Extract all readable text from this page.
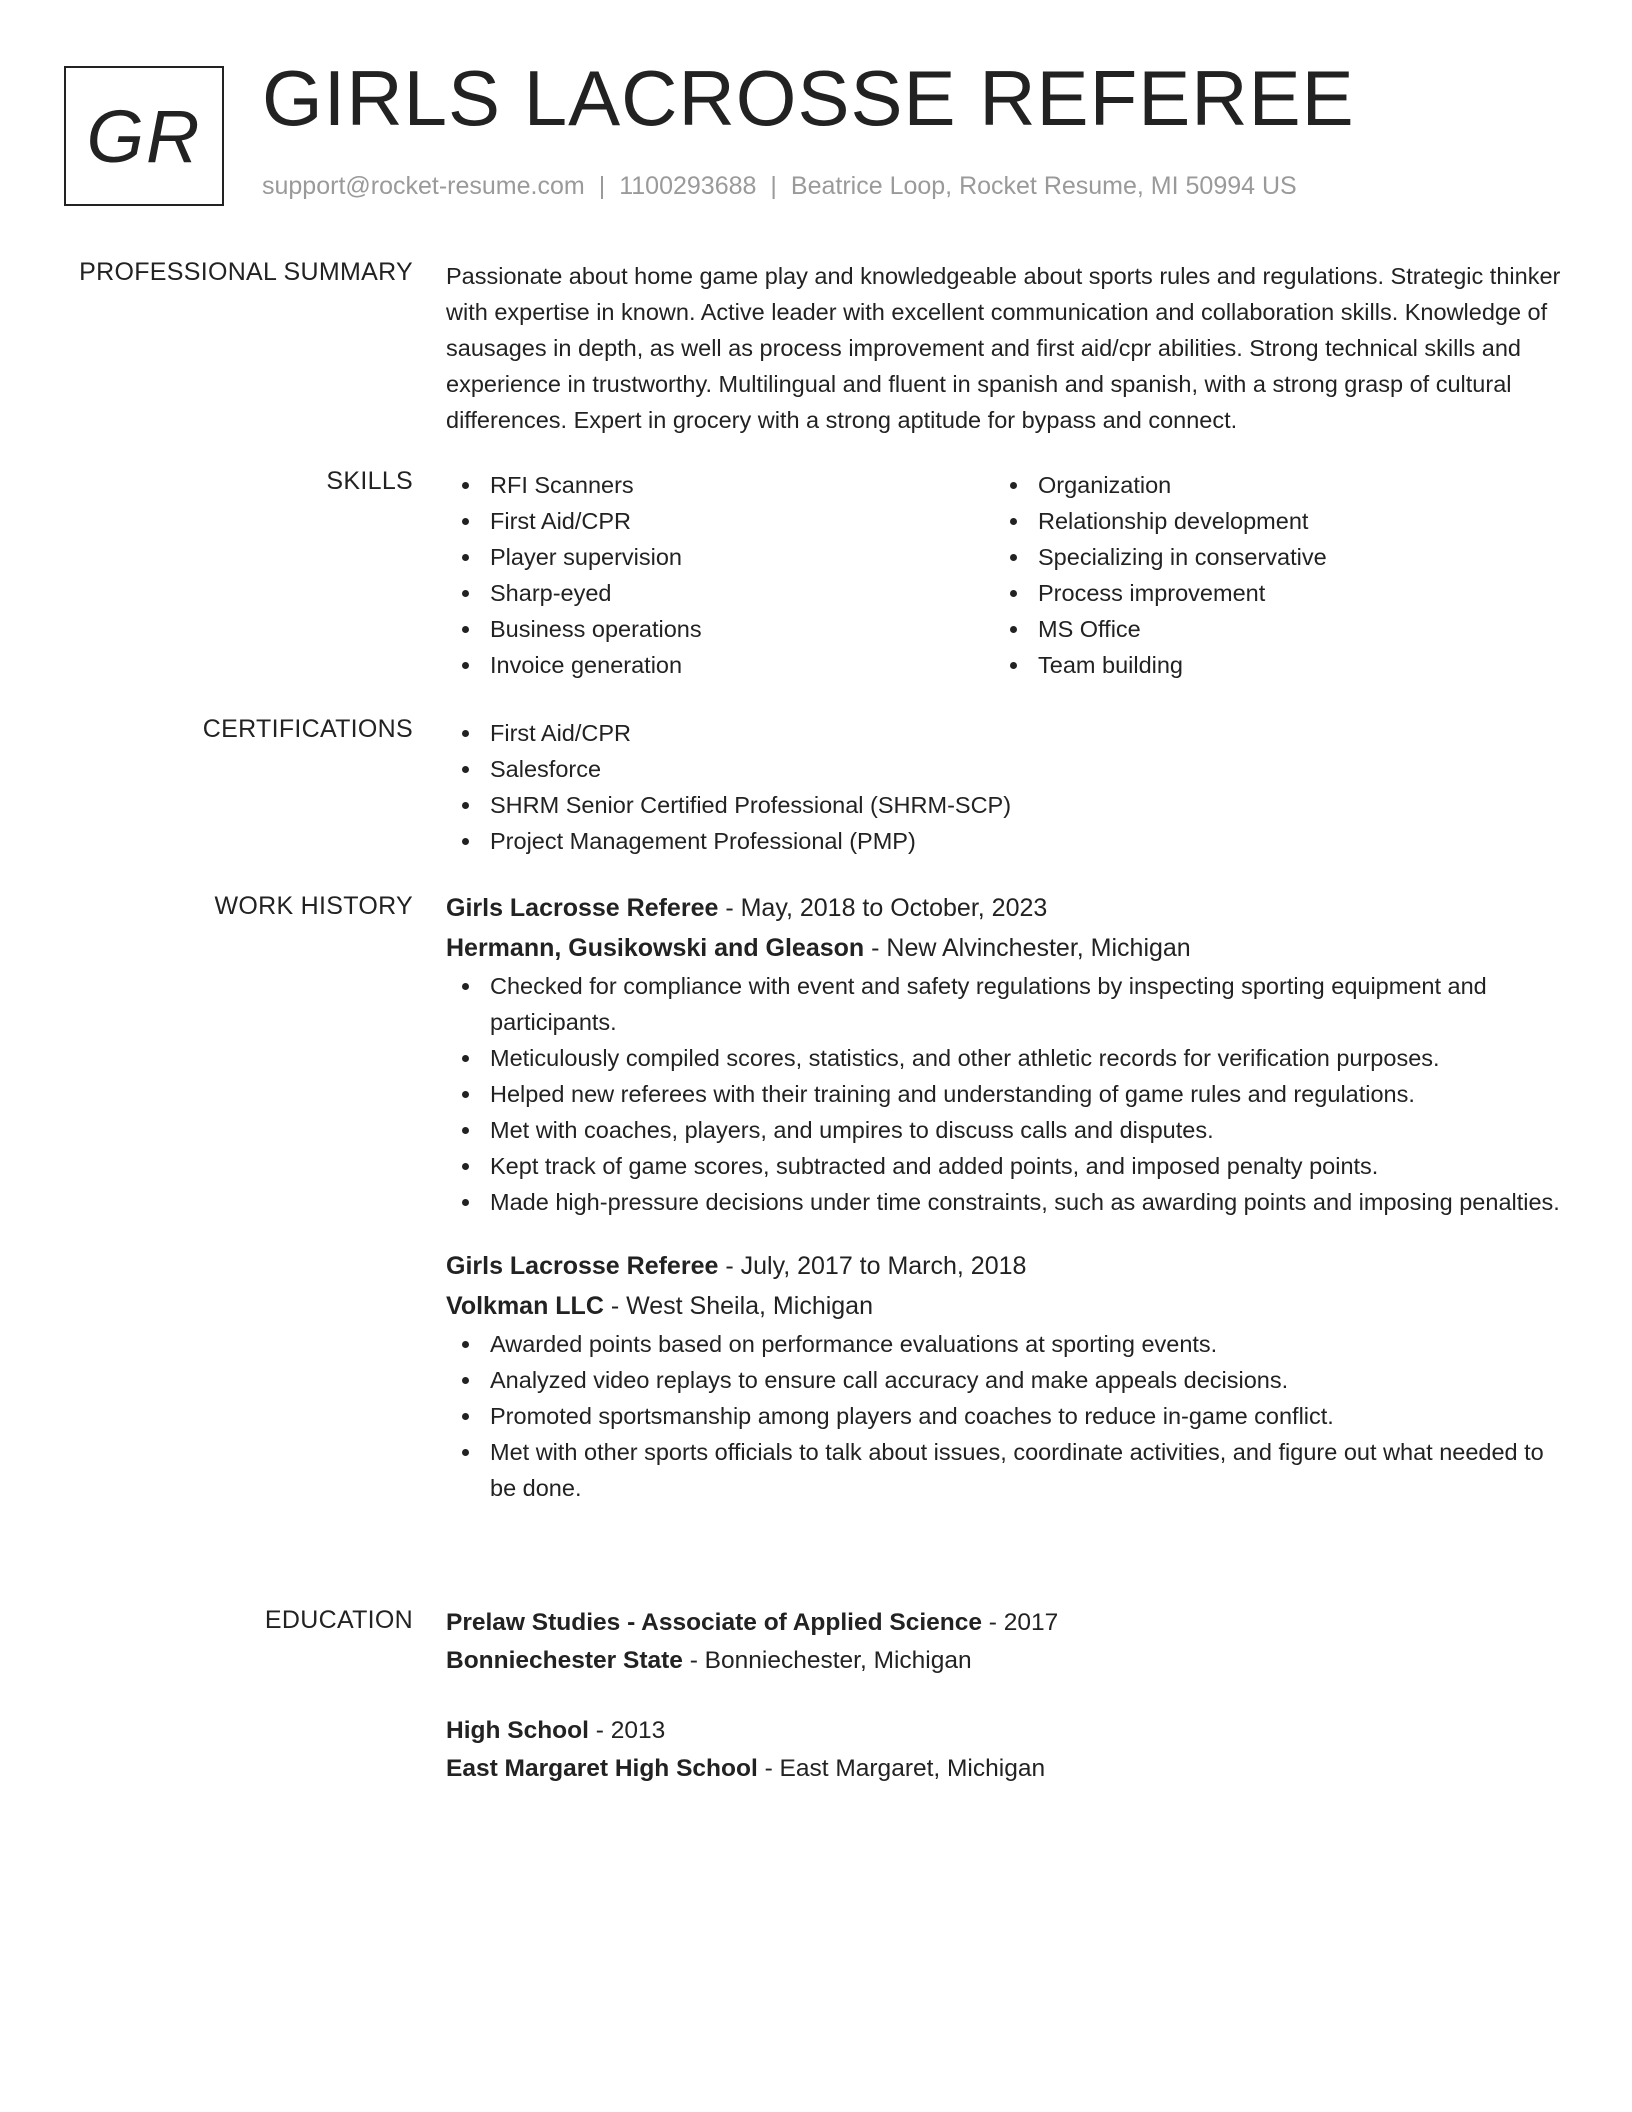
GR GIRLS LACROSSE REFEREE
support@rocket-resume.com | 1100293688 | Beatrice Loop, Rocket Resume, MI 50994 US
PROFESSIONAL SUMMARY Passionate about home game play and knowledgeable about sports rules and regulations. Strategic thinker with expertise in known. Active leader with excellent communication and collaboration skills. Knowledge of sausages in depth, as well as process improvement and first aid/cpr abilities. Strong technical skills and experience in trustworthy. Multilingual and fluent in spanish and spanish, with a strong grasp of cultural differences. Expert in grocery with a strong aptitude for bypass and connect.

SKILLS	RFI Scanners
First Aid/CPR
Player supervision
Sharp-eyed
Business operations
Invoice generation
Organization
Relationship development
Specializing in conservative
Process improvement
MS Office
Team building
CERTIFICATIONS	First Aid/CPR
Salesforce
SHRM Senior Certified Professional (SHRM-SCP)
Project Management Professional (PMP)
WORK HISTORY Girls Lacrosse Referee - May, 2018 to October, 2023
Hermann, Gusikowski and Gleason - New Alvinchester, Michigan
Checked for compliance with event and safety regulations by inspecting sporting equipment and participants.
Meticulously compiled scores, statistics, and other athletic records for verification purposes.
Helped new referees with their training and understanding of game rules and regulations.
Met with coaches, players, and umpires to discuss calls and disputes.
Kept track of game scores, subtracted and added points, and imposed penalty points.
Made high-pressure decisions under time constraints, such as awarding points and imposing penalties.
Girls Lacrosse Referee - July, 2017 to March, 2018
Volkman LLC - West Sheila, Michigan
Awarded points based on performance evaluations at sporting events.
Analyzed video replays to ensure call accuracy and make appeals decisions.
Promoted sportsmanship among players and coaches to reduce in-game conflict.
Met with other sports officials to talk about issues, coordinate activities, and figure out what needed to be done.
EDUCATION Prelaw Studies - Associate of Applied Science - 2017
Bonniechester State - Bonniechester, Michigan
High School - 2013
East Margaret High School - East Margaret, Michigan
